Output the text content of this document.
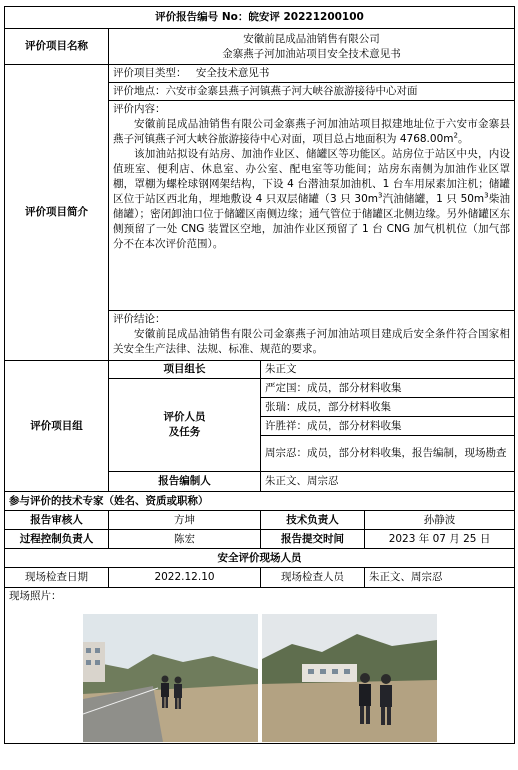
评价报告编号 No：皖安评 20221200100			
评价项目名称	安徽前昆成品油销售有限公司
金寨燕子河加油站项目安全技术意见书		

评价项目简介	评价项目类型： 安全技术意见书		
	评价地点：六安市金寨县燕子河镇燕子河大峡谷旅游接待中心对面		

	评价内容：

安徽前昆成品油销售有限公司金寨燕子河加油站项目拟建地址位于六安市金寨县燕子河镇燕子河大峡谷旅游接待中心对面，项目总占地面积为 $4768.00m^2$。

该加油站拟设有站房、加油作业区、储罐区等功能区。站房位于站区中央，内设值班室、便利店、休息室、办公室、配电室等功能间；站房东南侧为加油作业区罩棚，罩棚为螺栓球钢网架结构，下设 4 台潜油泵加油机、1 台车用尿素加注机；储罐区位于站区西北角，埋地敷设 4 只双层储罐（3 只 $30m^3$汽油储罐，1 只 $50m^3$柴油储罐）；密闭卸油口位于储罐区南侧边缘；通气管位于储罐区北侧边缘。另外储罐区东侧预留了一处 CNG 装置区空地，加油作业区预留了 1 台 CNG 加气机机位（加气部分不在本次评价范围）。		

	评价结论：

安徽前昆成品油销售有限公司金寨燕子河加油站项目建成后安全条件符合国家相关安全生产法律、法规、标准、规范的要求。		

评价项目组	项目组长	朱正文	

	评价人员
及任务	严定国：成员，部分材料收集	
		张瑞：成员，部分材料收集	
		许胜祥：成员，部分材料收集	
		周宗忍：成员，部分材料收集，报告编制，现场勘查	
	报告编制人	朱正文、周宗忍	
参与评价的技术专家（姓名、资质或职称）			
报告审核人	方坤	技术负责人	孙静波
过程控制负责人	陈宏	报告提交时间	2023 年 07 月 25 日
安全评价现场人员			
现场检查日期	2022.12.10	现场检查人员	朱正文、周宗忍

现场照片：			
